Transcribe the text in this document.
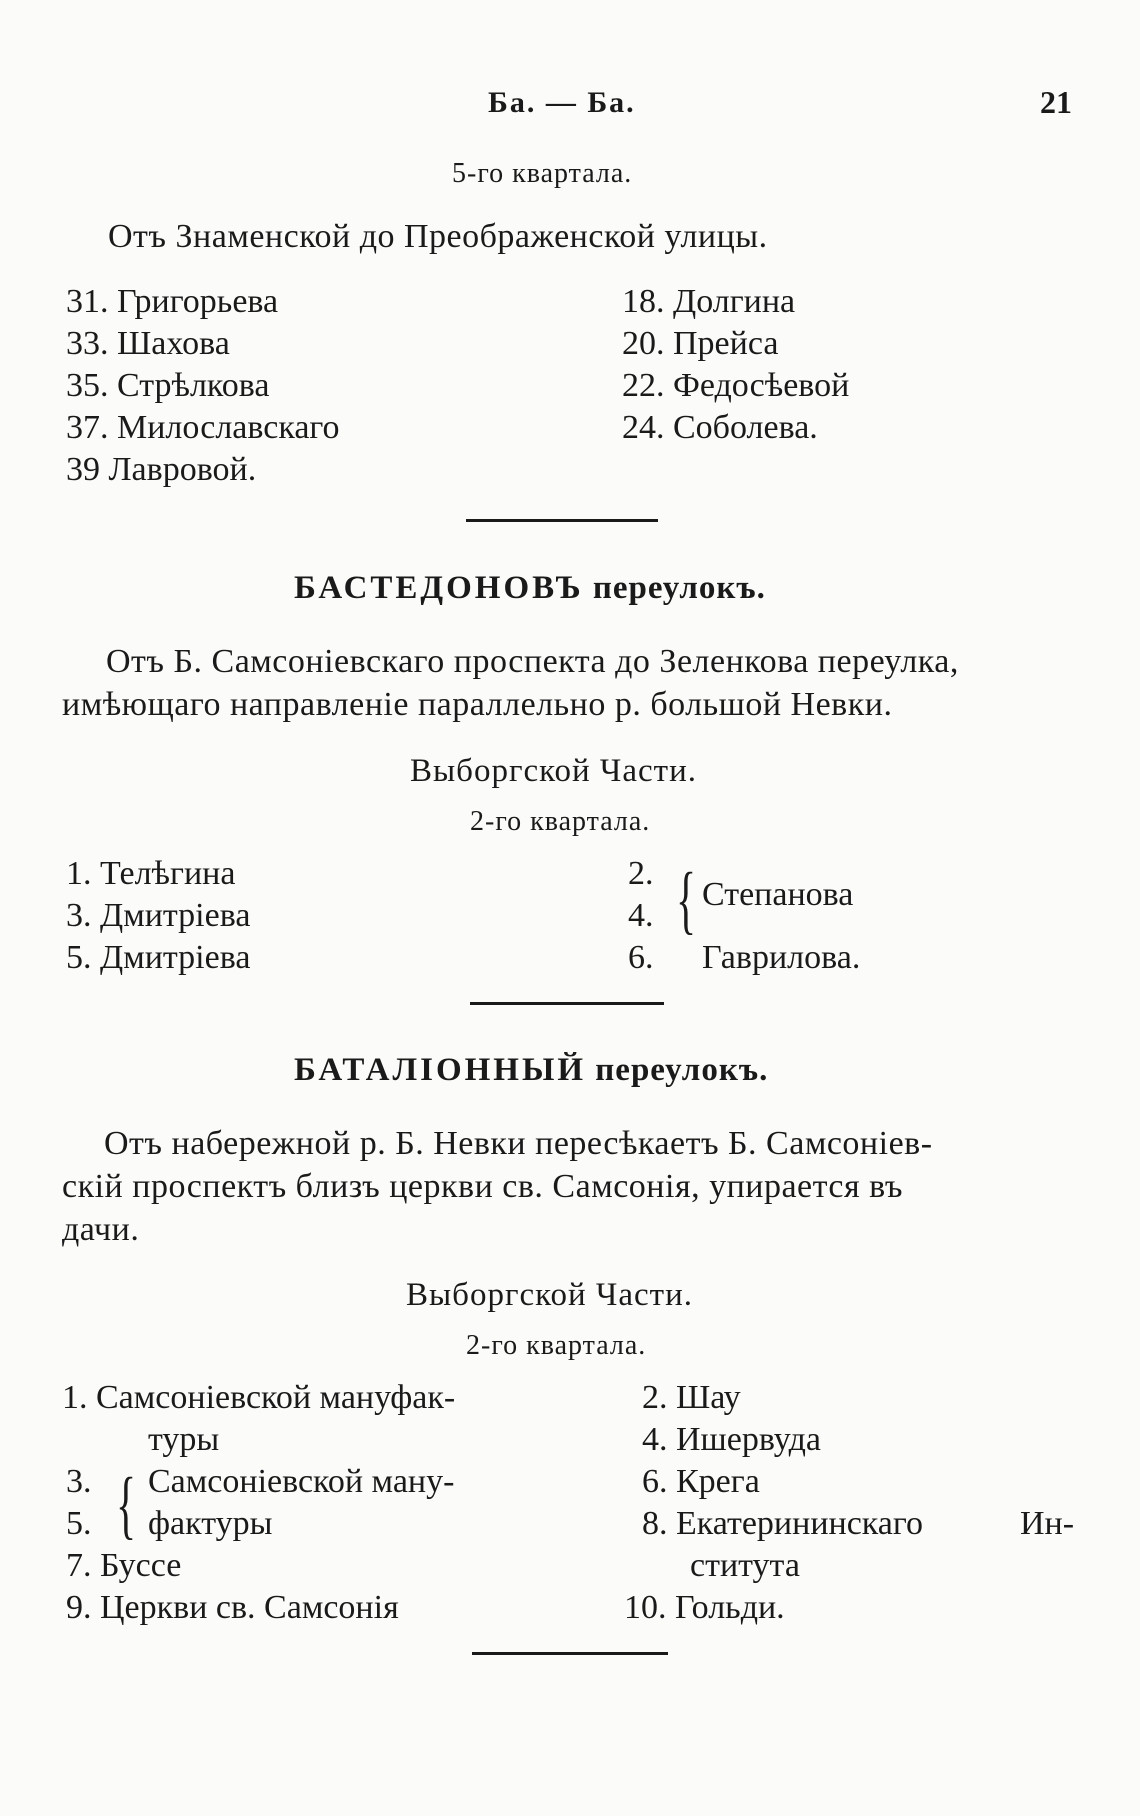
Ба. — Ба.	21
5-го квартала.
Отъ Знаменской до Преображенской улицы.
31. Григорьева
33. Шахова
35. Стрѣлкова
37. Милославскаго
39 Лавровой.
18. Долгина
20. Прейса
22. Федосѣевой
24. Соболева.
БАСТЕДОНОВЪ переулокъ.
Отъ Б. Самсоніевскаго проспекта до Зеленкова переулка,
имѣющаго направленіе параллельно р. большой Невки.
Выборгской Части.
2-го квартала.
1. Телѣгина
3. Дмитріева
5. Дмитріева
2.
4. { Степанова
6. Гаврилова.
БАТАЛІОННЫЙ переулокъ.
Отъ набережной р. Б. Невки пересѣкаетъ Б. Самсоніев-
скій проспектъ близъ церкви св. Самсонія, упирается въ
дачи.
Выборгской Части.
2-го квартала.
1. Самсоніевской мануфак-
туры
3.
5. { Самсоніевской ману-
фактуры
7. Буссе
9. Церкви св. Самсонія
2. Шау
4. Ишервуда
6. Крега
8. Екатерининскаго	Ин-
ститута
10. Гольди.
